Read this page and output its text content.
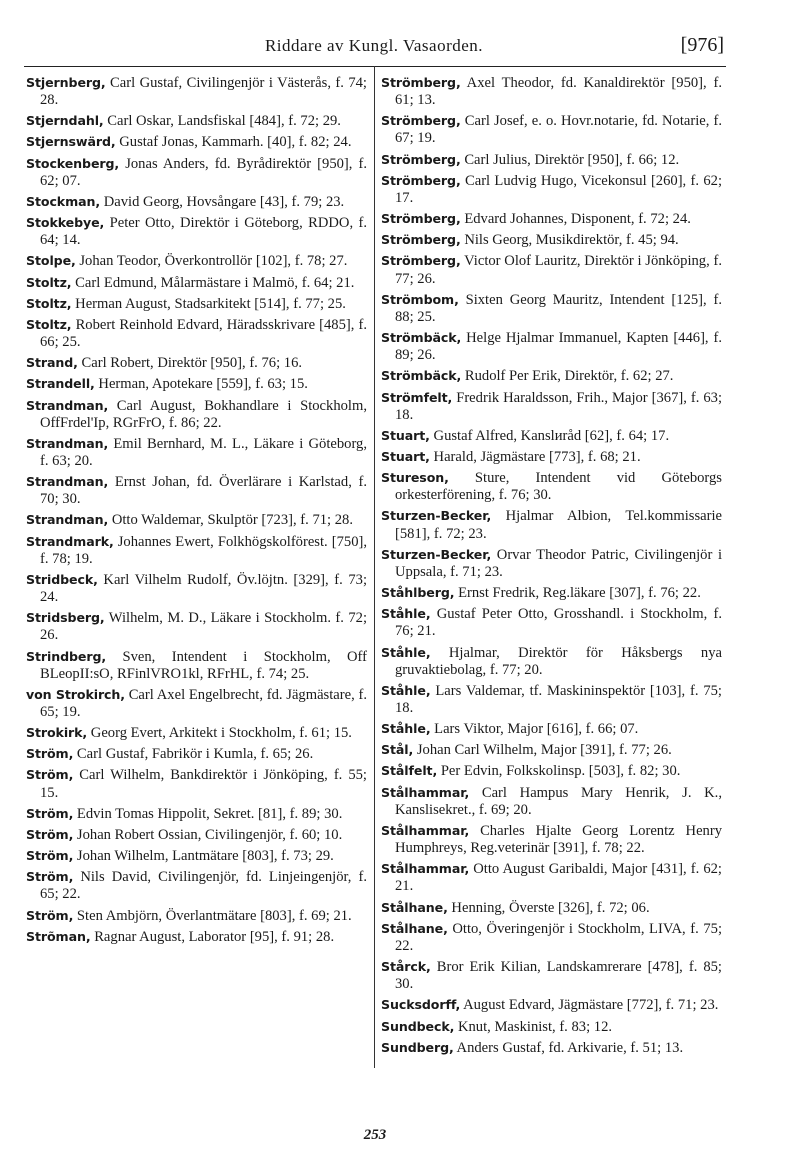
Riddare av Kungl. Vasaorden.	[976]

Stjernberg, Carl Gustaf, Civilingenjör i Västerås, f. 74; 28.

Stjerndahl, Carl Oskar, Landsfiskal [484], f. 72; 29.

Stjernswärd, Gustaf Jonas, Kammarh. [40], f. 82; 24.

Stockenberg, Jonas Anders, fd. Byrådirektör [950], f. 62; 07.

Stockman, David Georg, Hovsångare [43], f. 79; 23.

Stokkebye, Peter Otto, Direktör i Göteborg, RDDO, f. 64; 14.

Stolpe, Johan Teodor, Överkontrollör [102], f. 78; 27.

Stoltz, Carl Edmund, Målarmästare i Malmö, f. 64; 21.

Stoltz, Herman August, Stadsarkitekt [514], f. 77; 25.

Stoltz, Robert Reinhold Edvard, Häradsskrivare [485], f. 66; 25.

Strand, Carl Robert, Direktör [950], f. 76; 16.

Strandell, Herman, Apotekare [559], f. 63; 15.

Strandman, Carl August, Bokhandlare i Stockholm, OffFrdel'Ip, RGrFrO, f. 86; 22.

Strandman, Emil Bernhard, M. L., Läkare i Göteborg, f. 63; 20.

Strandman, Ernst Johan, fd. Överlärare i Karlstad, f. 70; 30.

Strandman, Otto Waldemar, Skulptör [723], f. 71; 28.

Strandmark, Johannes Ewert, Folkhögskolförest. [750], f. 78; 19.

Stridbeck, Karl Vilhelm Rudolf, Öv.löjtn. [329], f. 73; 24.

Stridsberg, Wilhelm, M. D., Läkare i Stockholm. f. 72; 26.

Strindberg, Sven, Intendent i Stockholm, Off BLeopII:sO, RFinlVRO1kl, RFrHL, f. 74; 25.

von Strokirch, Carl Axel Engelbrecht, fd. Jägmästare, f. 65; 19.

Strokirk, Georg Evert, Arkitekt i Stockholm, f. 61; 15.

Ström, Carl Gustaf, Fabrikör i Kumla, f. 65; 26.

Ström, Carl Wilhelm, Bankdirektör i Jönköping, f. 55; 15.

Ström, Edvin Tomas Hippolit, Sekret. [81], f. 89; 30.

Ström, Johan Robert Ossian, Civilingenjör, f. 60; 10.

Ström, Johan Wilhelm, Lantmätare [803], f. 73; 29.

Ström, Nils David, Civilingenjör, fd. Linjeingenjör, f. 65; 22.

Ström, Sten Ambjörn, Överlantmätare [803], f. 69; 21.

Strõman, Ragnar August, Laborator [95], f. 91; 28.

Strömberg, Axel Theodor, fd. Kanaldirektör [950], f. 61; 13.

Strömberg, Carl Josef, e. o. Hovr.notarie, fd. Notarie, f. 67; 19.

Strömberg, Carl Julius, Direktör [950], f. 66; 12.

Strömberg, Carl Ludvig Hugo, Vicekonsul [260], f. 62; 17.

Strömberg, Edvard Johannes, Disponent, f. 72; 24.

Strömberg, Nils Georg, Musikdirektör, f. 45; 94.

Strömberg, Victor Olof Lauritz, Direktör i Jönköping, f. 77; 26.

Strömbom, Sixten Georg Mauritz, Intendent [125], f. 88; 25.

Strömbäck, Helge Hjalmar Immanuel, Kapten [446], f. 89; 26.

Strömbäck, Rudolf Per Erik, Direktör, f. 62; 27.

Strömfelt, Fredrik Haraldsson, Frih., Major [367], f. 63; 18.

Stuart, Gustaf Alfred, Kanslиråd [62], f. 64; 17.

Stuart, Harald, Jägmästare [773], f. 68; 21.

Stureson, Sture, Intendent vid Göteborgs orkesterförening, f. 76; 30.

Sturzen-Becker, Hjalmar Albion, Tel.kommissarie [581], f. 72; 23.

Sturzen-Becker, Orvar Theodor Patric, Civilingenjör i Uppsala, f. 71; 23.

Ståhlberg, Ernst Fredrik, Reg.läkare [307], f. 76; 22.

Ståhle, Gustaf Peter Otto, Grosshandl. i Stockholm, f. 76; 21.

Ståhle, Hjalmar, Direktör för Håksbergs nya gruvaktiebolag, f. 77; 20.

Ståhle, Lars Valdemar, tf. Maskininspektör [103], f. 75; 18.

Ståhle, Lars Viktor, Major [616], f. 66; 07.

Stål, Johan Carl Wilhelm, Major [391], f. 77; 26.

Stålfelt, Per Edvin, Folkskolinsp. [503], f. 82; 30.

Stålhammar, Carl Hampus Mary Henrik, J. K., Kanslisekret., f. 69; 20.

Stålhammar, Charles Hjalte Georg Lorentz Henry Humphreys, Reg.veterinär [391], f. 78; 22.

Stålhammar, Otto August Garibaldi, Major [431], f. 62; 21.

Stålhane, Henning, Överste [326], f. 72; 06.

Stålhane, Otto, Överingenjör i Stockholm, LIVA, f. 75; 22.

Stårck, Bror Erik Kilian, Landskamrerare [478], f. 85; 30.

Sucksdorff, August Edvard, Jägmästare [772], f. 71; 23.

Sundbeck, Knut, Maskinist, f. 83; 12.

Sundberg, Anders Gustaf, fd. Arkivarie, f. 51; 13.

253
